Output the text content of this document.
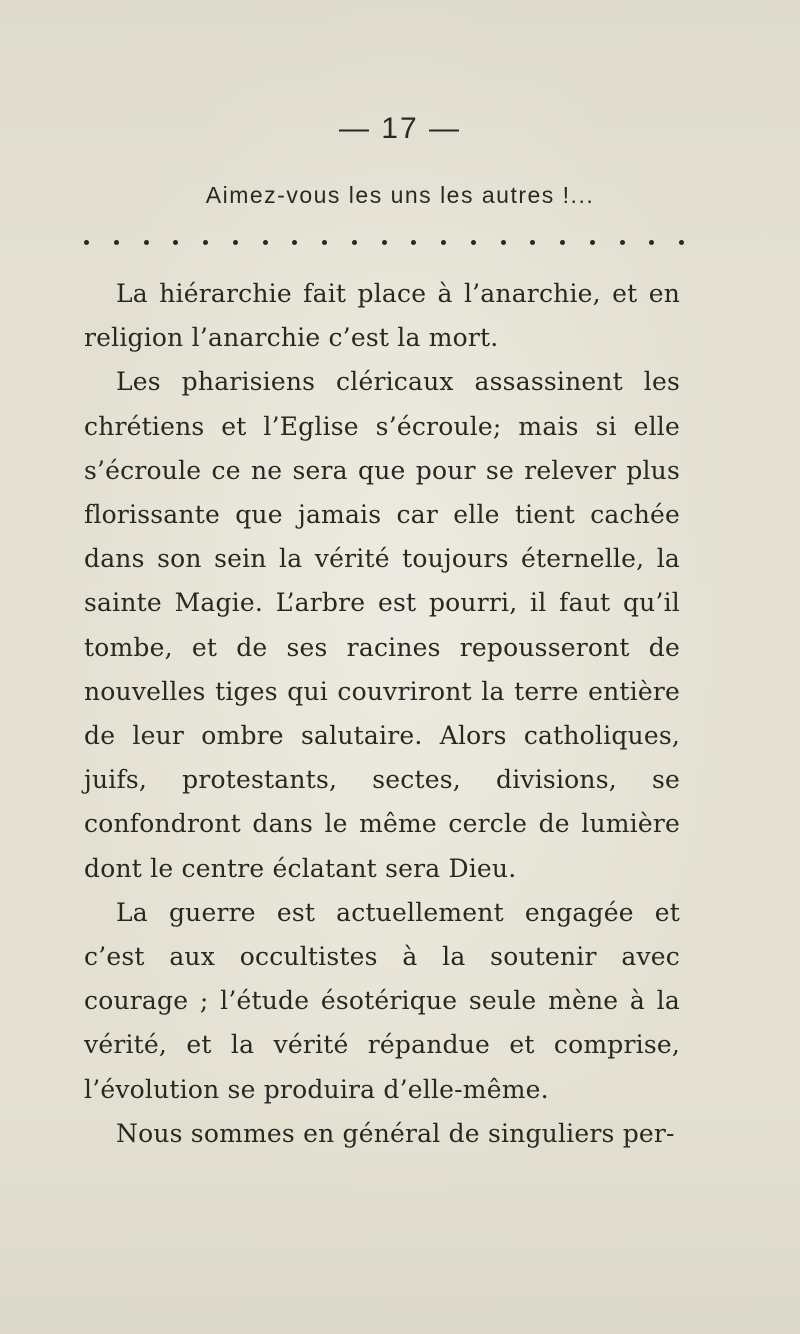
— 17 —
Aimez-vous les uns les autres !...

La hiérarchie fait place à l’anarchie, et en religion l’anarchie c’est la mort.

Les pharisiens cléricaux assassinent les chrétiens et l’Eglise s’écroule; mais si elle s’écroule ce ne sera que pour se relever plus florissante que jamais car elle tient cachée dans son sein la vérité toujours éternelle, la sainte Magie. L’arbre est pourri, il faut qu’il tombe, et de ses racines repousseront de nouvelles tiges qui couvriront la terre entière de leur ombre salutaire. Alors catholiques, juifs, protestants, sectes, divisions, se confondront dans le même cercle de lumière dont le centre éclatant sera Dieu.

La guerre est actuellement engagée et c’est aux occultistes à la soutenir avec courage ; l’étude ésotérique seule mène à la vérité, et la vérité répandue et comprise, l’évolution se produira d’elle-même.

Nous sommes en général de singuliers per-
